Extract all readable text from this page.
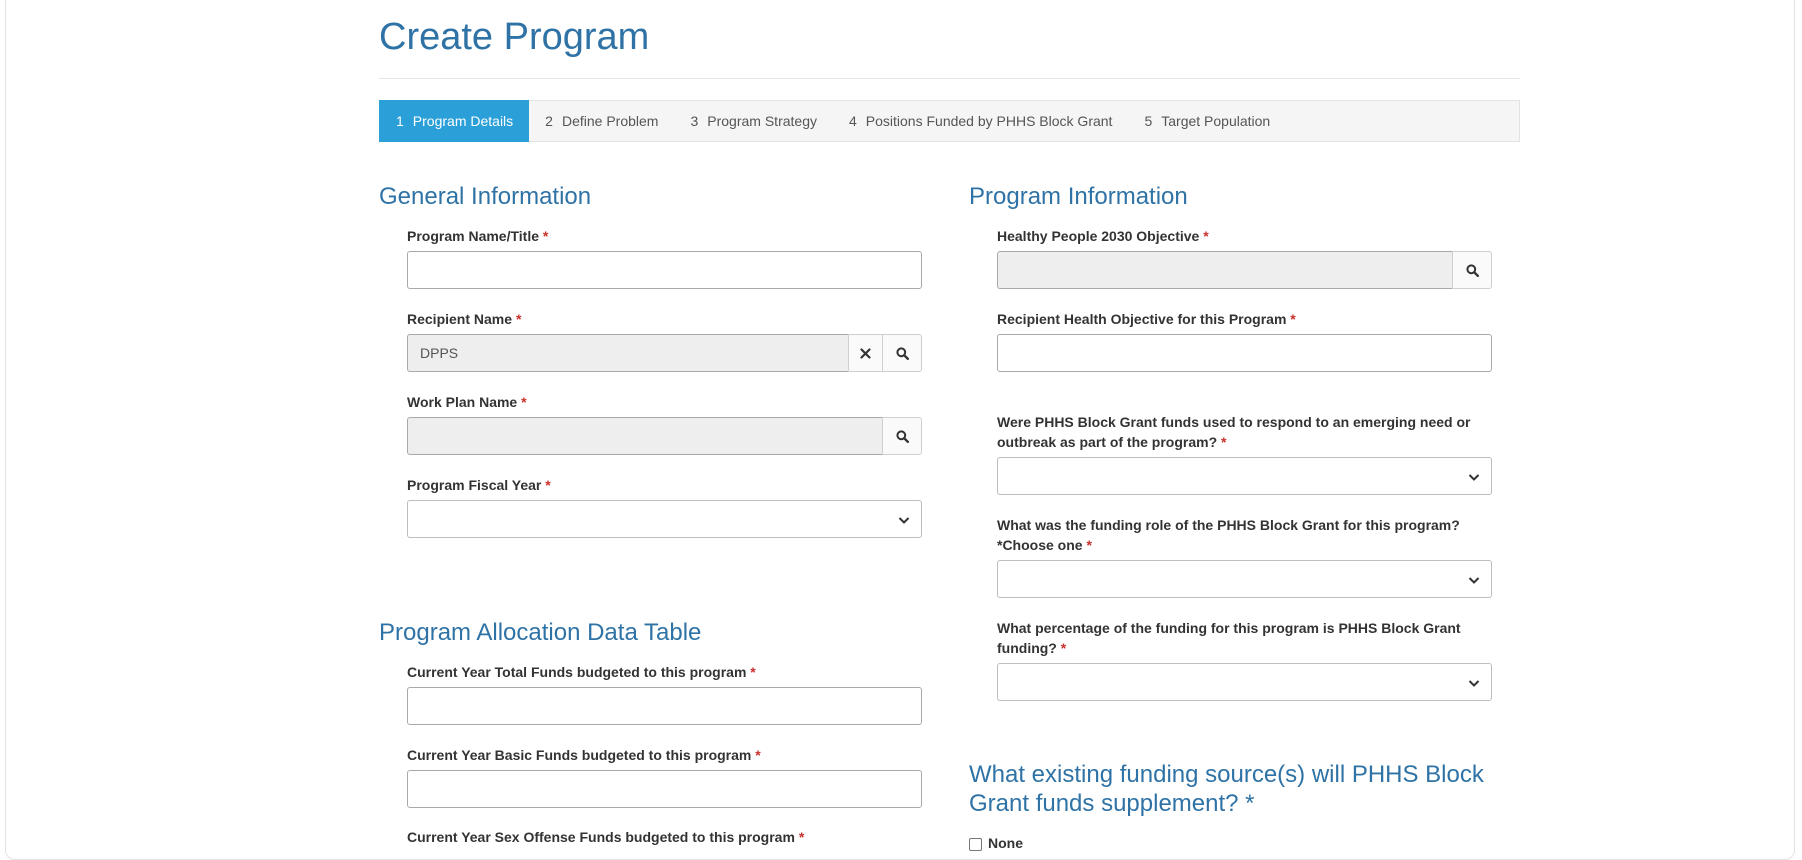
Create Program
1 Program Details 2 Define Problem 3 Program Strategy 4 Positions Funded by PHHS Block Grant 5 Target Population
General Information
Program Name/Title *
Recipient Name *
DPPS
Work Plan Name *
Program Fiscal Year *
Program Allocation Data Table
Current Year Total Funds budgeted to this program *
Current Year Basic Funds budgeted to this program *
Current Year Sex Offense Funds budgeted to this program *
Program Information
Healthy People 2030 Objective *
Recipient Health Objective for this Program *
Were PHHS Block Grant funds used to respond to an emerging need or
outbreak as part of the program? *
What was the funding role of the PHHS Block Grant for this program?
*Choose one *
What percentage of the funding for this program is PHHS Block Grant
funding? *
What existing funding source(s) will PHHS Block
Grant funds supplement? *
None
